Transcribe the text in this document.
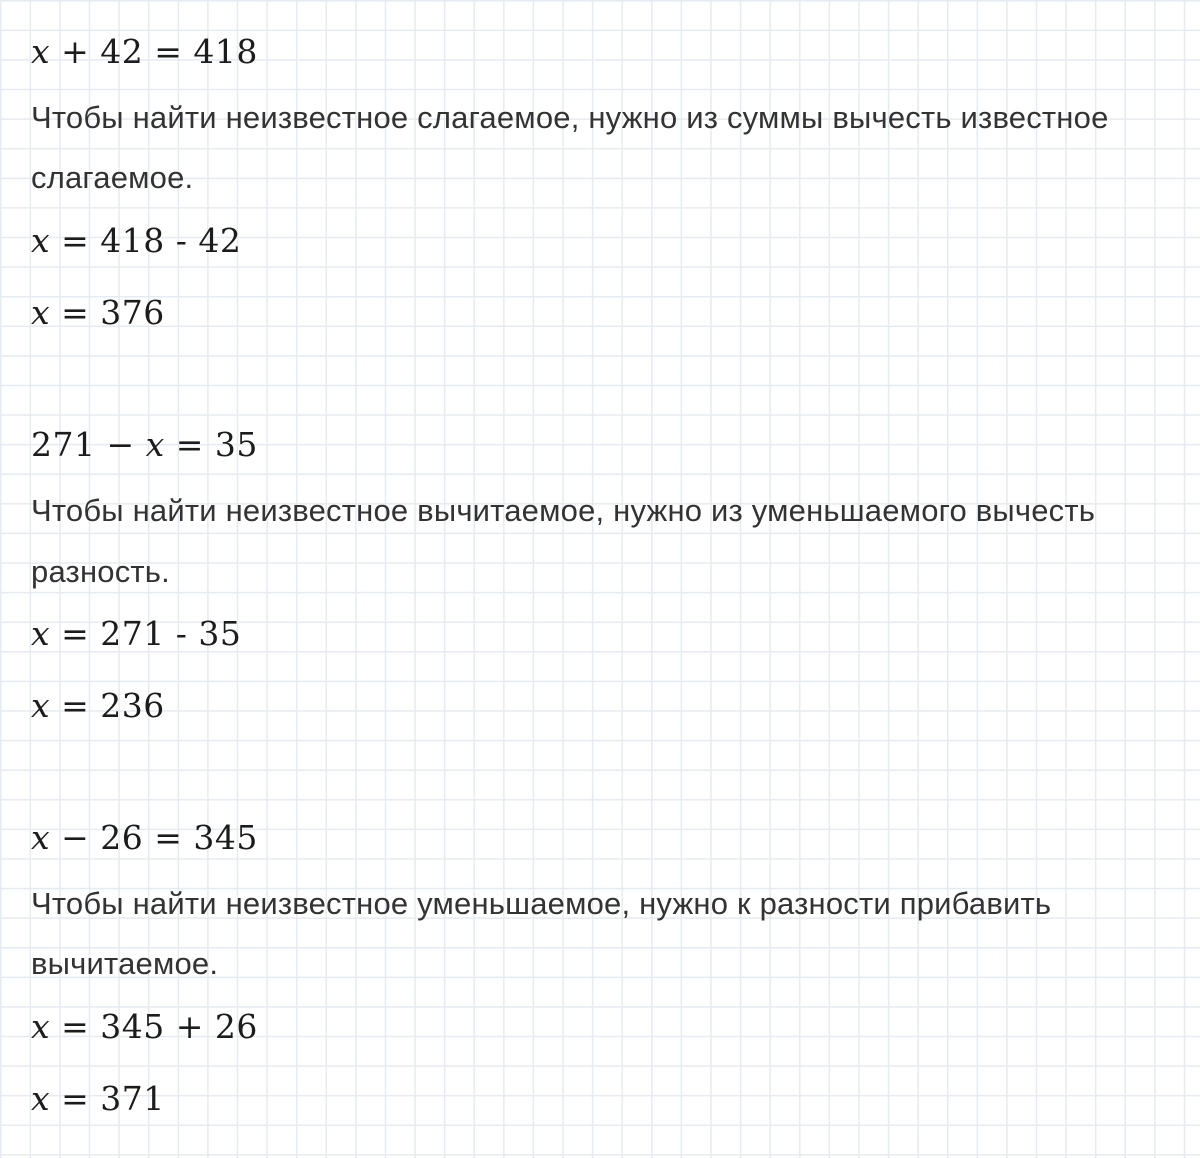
x + 42 = 418
Чтобы найти неизвестное слагаемое, нужно из суммы вычесть известное
слагаемое.
x = 418 - 42
x = 376
271 − x = 35
Чтобы найти неизвестное вычитаемое, нужно из уменьшаемого вычесть
разность.
x = 271 - 35
x = 236
x − 26 = 345
Чтобы найти неизвестное уменьшаемое, нужно к разности прибавить
вычитаемое.
x = 345 + 26
x = 371
